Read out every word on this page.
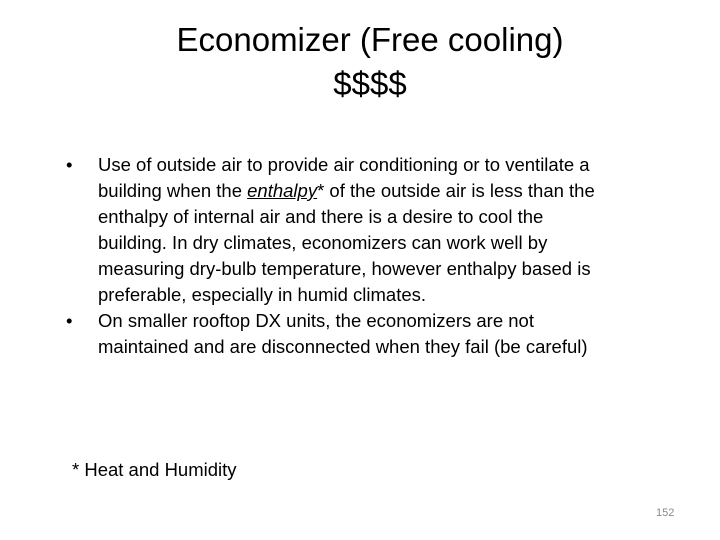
Economizer (Free cooling)
$$$$
• Use of outside air to provide air conditioning or to ventilate a building when the enthalpy* of the outside air is less than the enthalpy of internal air and there is a desire to cool the building. In dry climates, economizers can work well by measuring dry-bulb temperature, however enthalpy based is preferable, especially in humid climates.
• On smaller rooftop DX units, the economizers are not maintained and are disconnected when they fail (be careful)
* Heat and Humidity
152
